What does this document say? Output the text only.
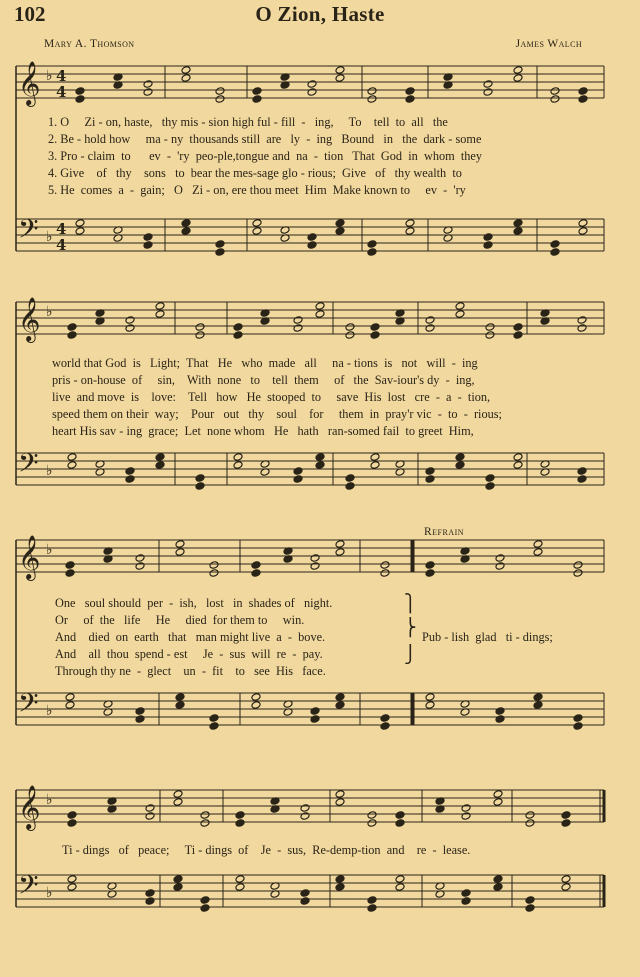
102	O Zion, Haste
Mary A. Thomson	James Walch
𝄞
𝄢
♭
♭
4
4
4
4
𝄞
𝄢
♭
♭
𝄞
𝄢
♭
♭
𝄞
𝄢
♭
♭
1. O     Zi - on, haste,   thy mis - sion high ful - fill  -   ing,     To    tell  to  all   the
2. Be - hold how     ma - ny  thousands still  are   ly  -  ing   Bound   in   the  dark - some
3. Pro - claim  to      ev  -  'ry  peo-ple,tongue and  na  -  tion   That  God  in  whom  they
4. Give    of   thy    sons   to  bear the mes-sage glo - rious;  Give   of   thy wealth  to
5. He  comes  a  -  gain;   O   Zi - on, ere thou meet  Him  Make known to     ev  -  'ry
world that God  is   Light;  That   He   who  made   all     na - tions  is   not   will  -  ing
pris - on-house  of     sin,    With  none   to    tell  them     of   the  Sav-iour's dy  -  ing,
live  and move  is    love:    Tell   how   He  stooped  to     save  His  lost   cre  -  a  -  tion,
speed them on their  way;    Pour   out   thy    soul    for     them  in  pray'r vic  -  to  -  rious;
heart His sav - ing  grace;  Let  none whom   He   hath   ran-somed fail  to greet  Him,
One   soul should  per  -  ish,   lost   in  shades of   night.
Or     of  the   life     He     died  for them to     win.
And    died  on  earth   that   man might live  a  -  bove.
And    all  thou  spend - est     Je  -  sus  will  re  -  pay.
Through thy ne  -  glect    un  -  fit    to   see  His   face.
⎫
⎬
⎭
Refrain
Pub - lish  glad   ti - dings;
Ti - dings   of   peace;     Ti - dings  of    Je  -  sus,  Re-demp-tion  and    re  -  lease.
